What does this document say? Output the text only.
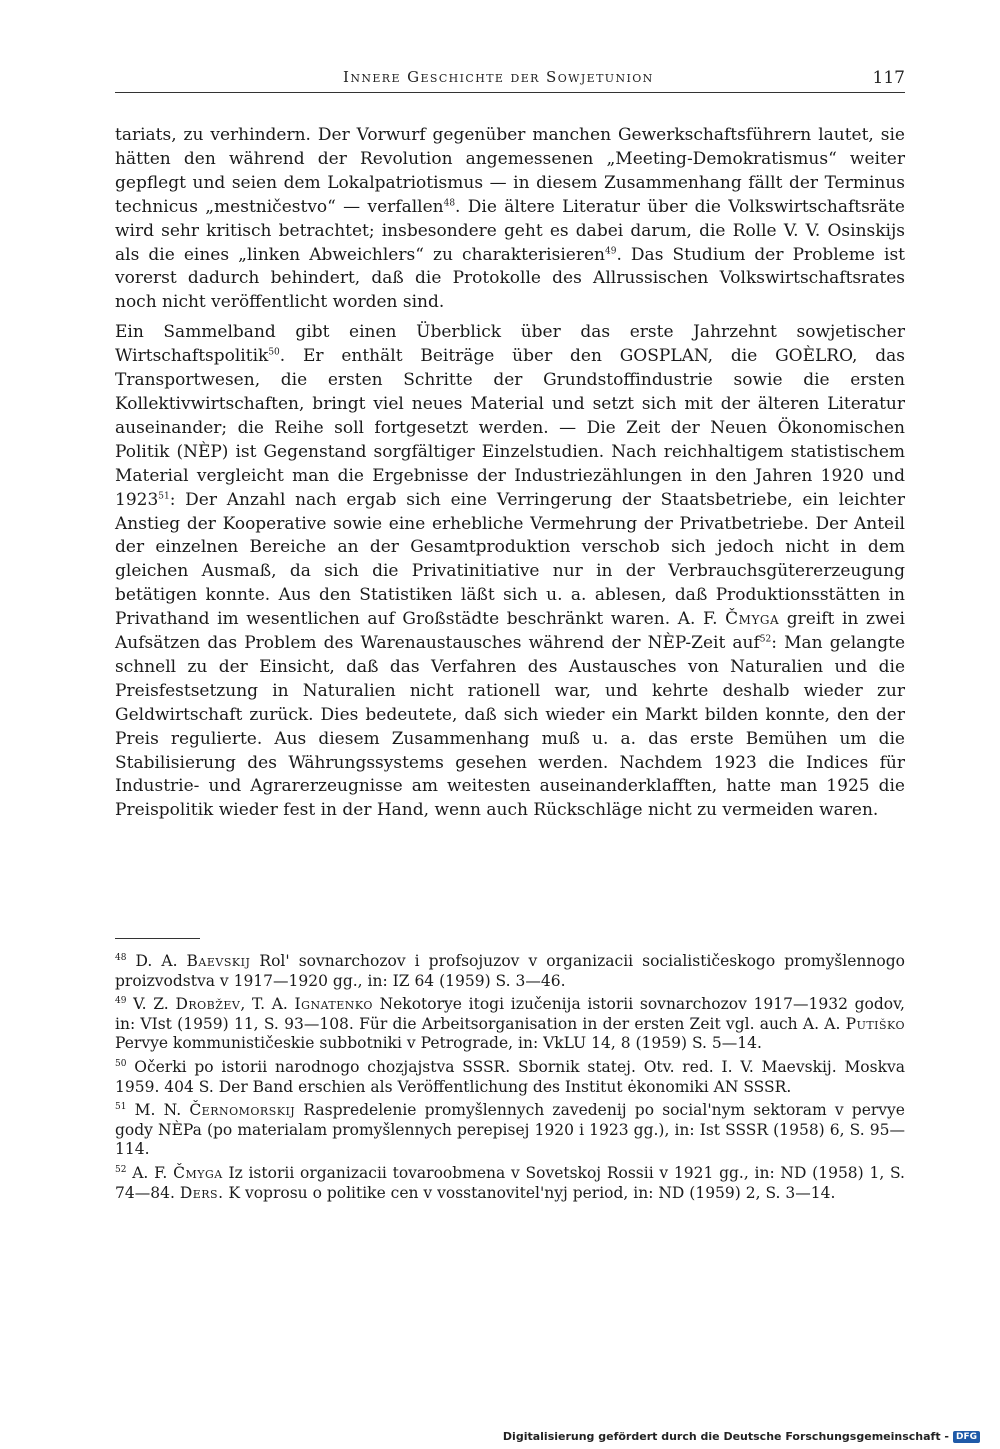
Innere Geschichte der Sowjetunion	117

tariats, zu verhindern. Der Vorwurf gegenüber manchen Gewerkschaftsführern lautet, sie hätten den während der Revolution angemessenen „Meeting-Demokratismus“ weiter gepflegt und seien dem Lokalpatriotismus — in diesem Zusammenhang fällt der Terminus technicus „mestničestvo“ — verfallen$^{48}$. Die ältere Literatur über die Volkswirtschaftsräte wird sehr kritisch betrachtet; insbesondere geht es dabei darum, die Rolle V. V. Osinskijs als die eines „linken Abweichlers“ zu charakterisieren$^{49}$. Das Studium der Probleme ist vorerst dadurch behindert, daß die Protokolle des Allrussischen Volkswirtschaftsrates noch nicht veröffentlicht worden sind.

Ein Sammelband gibt einen Überblick über das erste Jahrzehnt sowjetischer Wirtschaftspolitik$^{50}$. Er enthält Beiträge über den GOSPLAN, die GOÈLRO, das Transportwesen, die ersten Schritte der Grundstoffindustrie sowie die ersten Kollektivwirtschaften, bringt viel neues Material und setzt sich mit der älteren Literatur auseinander; die Reihe soll fortgesetzt werden. — Die Zeit der Neuen Ökonomischen Politik (NÈP) ist Gegenstand sorgfältiger Einzelstudien. Nach reichhaltigem statistischem Material vergleicht man die Ergebnisse der Industriezählungen in den Jahren 1920 und 1923$^{51}$: Der Anzahl nach ergab sich eine Verringerung der Staatsbetriebe, ein leichter Anstieg der Kooperative sowie eine erhebliche Vermehrung der Privatbetriebe. Der Anteil der einzelnen Bereiche an der Gesamtproduktion verschob sich jedoch nicht in dem gleichen Ausmaß, da sich die Privatinitiative nur in der Verbrauchsgütererzeugung betätigen konnte. Aus den Statistiken läßt sich u. a. ablesen, daß Produktionsstätten in Privathand im wesentlichen auf Großstädte beschränkt waren. A. F. Čmyga greift in zwei Aufsätzen das Problem des Warenaustausches während der NÈP-Zeit auf$^{52}$: Man gelangte schnell zu der Einsicht, daß das Verfahren des Austausches von Naturalien und die Preisfestsetzung in Naturalien nicht rationell war, und kehrte deshalb wieder zur Geldwirtschaft zurück. Dies bedeutete, daß sich wieder ein Markt bilden konnte, den der Preis regulierte. Aus diesem Zusammenhang muß u. a. das erste Bemühen um die Stabilisierung des Währungssystems gesehen werden. Nachdem 1923 die Indices für Industrie- und Agrarerzeugnisse am weitesten auseinanderklafften, hatte man 1925 die Preispolitik wieder fest in der Hand, wenn auch Rückschläge nicht zu vermeiden waren.

$^{48}$ D. A. Baevskij Rol' sovnarchozov i profsojuzov v organizacii socialističeskogo promyšlennogo proizvodstva v 1917—1920 gg., in: IZ 64 (1959) S. 3—46.

$^{49}$ V. Z. Drobžev, T. A. Ignatenko Nekotorye itogi izučenija istorii sovnarchozov 1917—1932 godov, in: VIst (1959) 11, S. 93—108. Für die Arbeitsorganisation in der ersten Zeit vgl. auch A. A. Putiško Pervye kommunističeskie subbotniki v Petrograde, in: VkLU 14, 8 (1959) S. 5—14.

$^{50}$ Očerki po istorii narodnogo chozjajstva SSSR. Sbornik statej. Otv. red. I. V. Maevskij. Moskva 1959. 404 S. Der Band erschien als Veröffentlichung des Institut ėkonomiki AN SSSR.

$^{51}$ M. N. Černomorskij Raspredelenie promyšlennych zavedenij po social'nym sektoram v pervye gody NÈPa (po materialam promyšlennych perepisej 1920 i 1923 gg.), in: Ist SSSR (1958) 6, S. 95—114.

$^{52}$ A. F. Čmyga Iz istorii organizacii tovaroobmena v Sovetskoj Rossii v 1921 gg., in: ND (1958) 1, S. 74—84. Ders. K voprosu o politike cen v vosstanovitel'nyj period, in: ND (1959) 2, S. 3—14.

Digitalisierung gefördert durch die Deutsche Forschungsgemeinschaft - DFG
